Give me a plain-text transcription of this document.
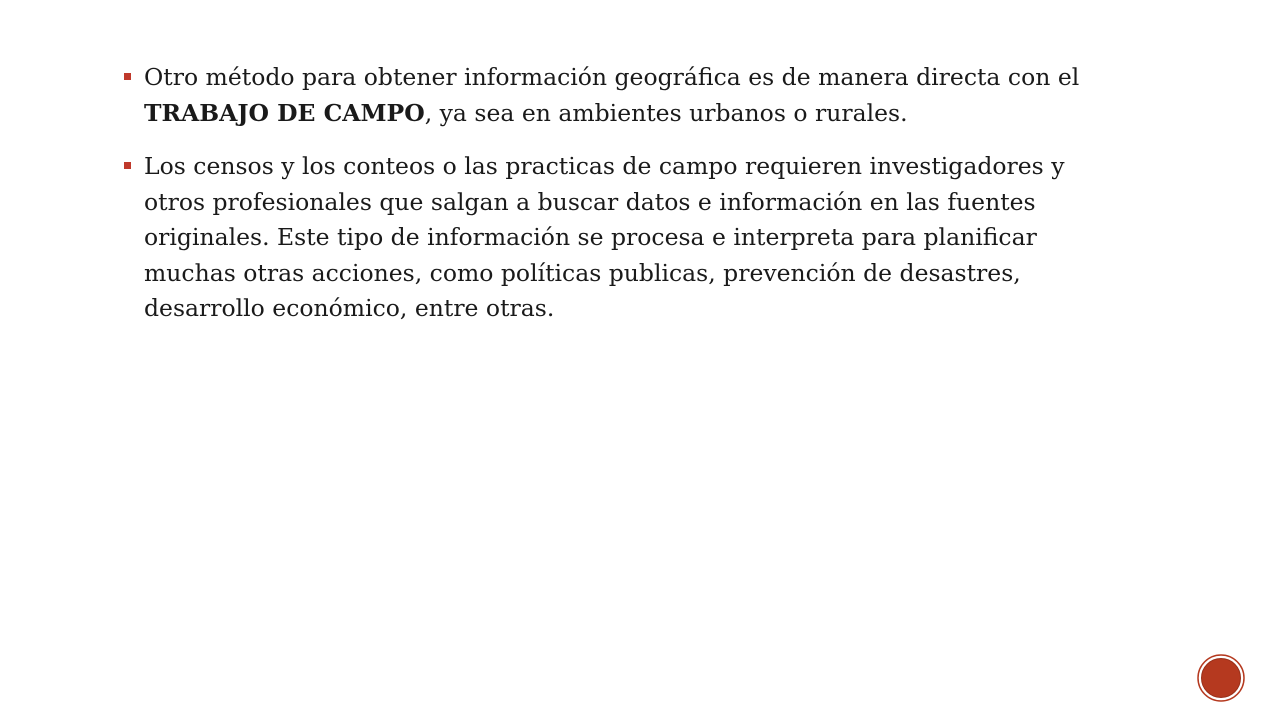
Otro método para obtener información geográfica es de manera directa con el TRABAJO DE CAMPO, ya sea en ambientes urbanos o rurales.
Los censos y los conteos o las practicas de campo requieren investigadores y otros profesionales que salgan a buscar datos e información en las fuentes originales. Este tipo de información se procesa e interpreta para planificar muchas otras acciones, como políticas publicas, prevención de desastres, desarrollo económico, entre otras.
